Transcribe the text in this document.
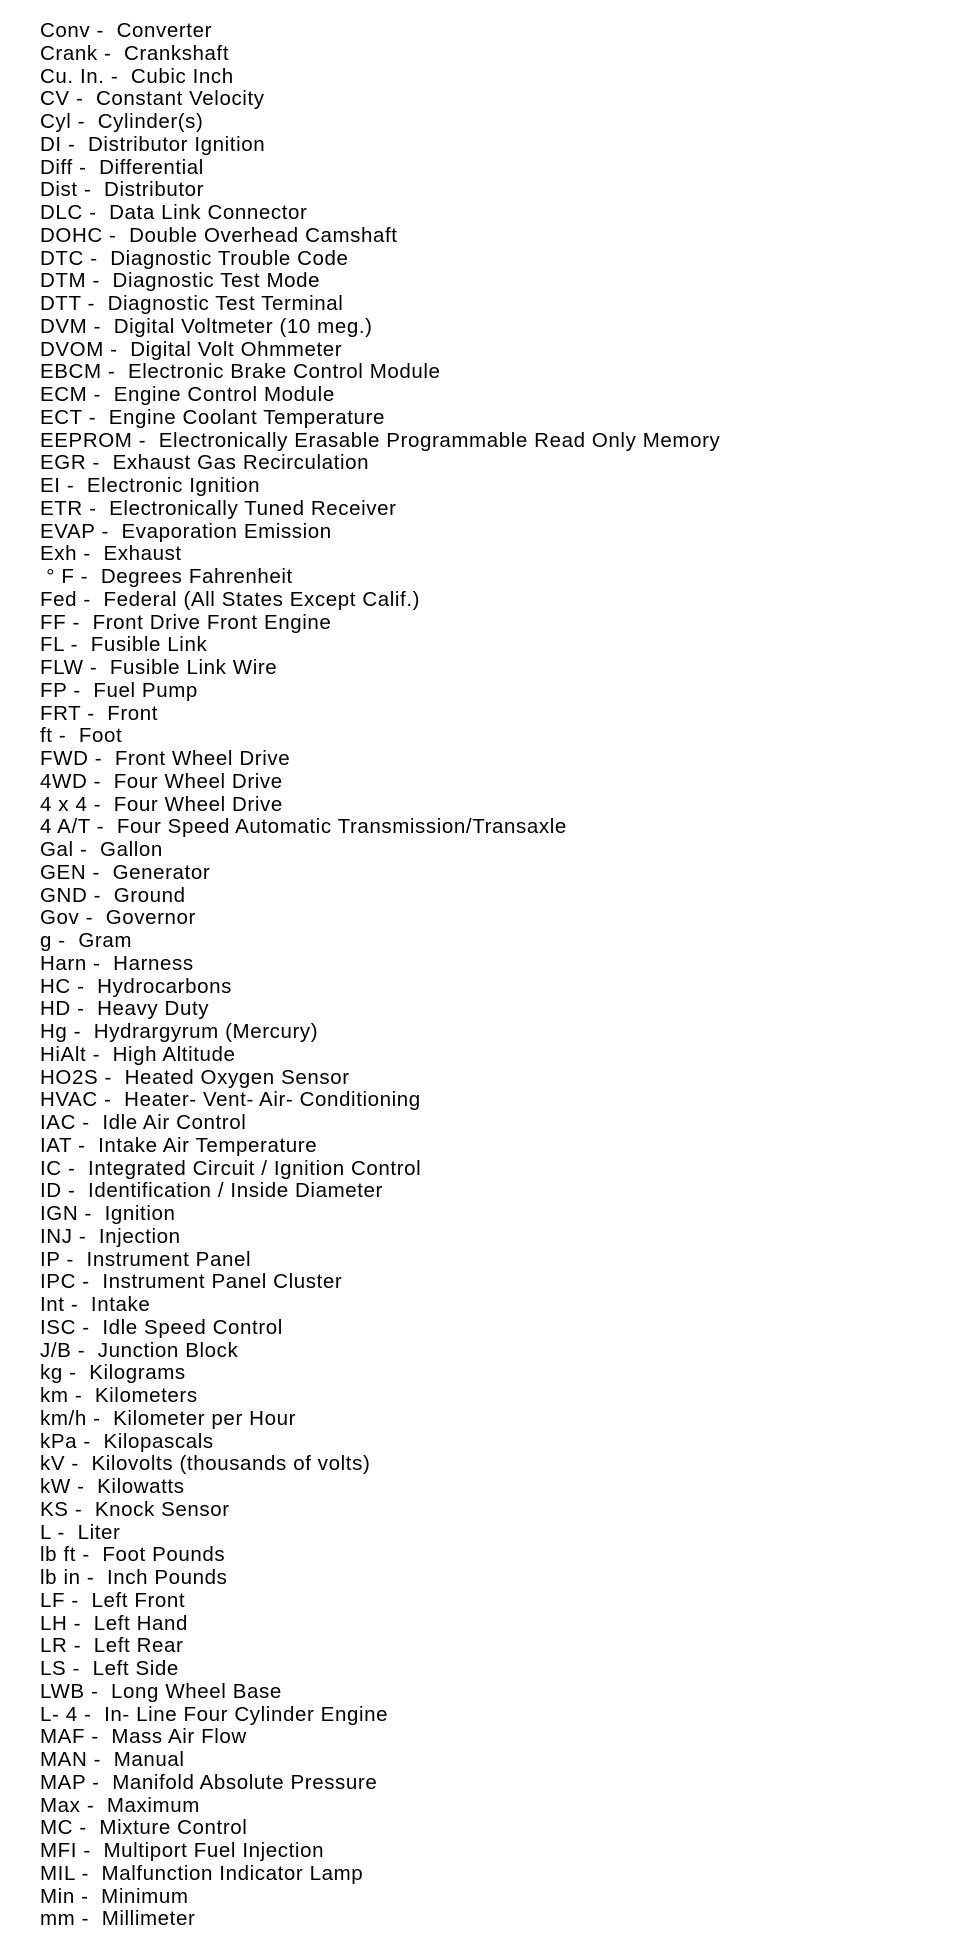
Conv -  Converter
Crank -  Crankshaft
Cu. In. -  Cubic Inch
CV -  Constant Velocity
Cyl -  Cylinder(s)
DI -  Distributor Ignition
Diff -  Differential
Dist -  Distributor
DLC -  Data Link Connector
DOHC -  Double Overhead Camshaft
DTC -  Diagnostic Trouble Code
DTM -  Diagnostic Test Mode
DTT -  Diagnostic Test Terminal
DVM -  Digital Voltmeter (10 meg.)
DVOM -  Digital Volt Ohmmeter
EBCM -  Electronic Brake Control Module
ECM -  Engine Control Module
ECT -  Engine Coolant Temperature
EEPROM -  Electronically Erasable Programmable Read Only Memory
EGR -  Exhaust Gas Recirculation
EI -  Electronic Ignition
ETR -  Electronically Tuned Receiver
EVAP -  Evaporation Emission
Exh -  Exhaust
° F -  Degrees Fahrenheit
Fed -  Federal (All States Except Calif.)
FF -  Front Drive Front Engine
FL -  Fusible Link
FLW -  Fusible Link Wire
FP -  Fuel Pump
FRT -  Front
ft -  Foot
FWD -  Front Wheel Drive
4WD -  Four Wheel Drive
4 x 4 -  Four Wheel Drive
4 A/T -  Four Speed Automatic Transmission/Transaxle
Gal -  Gallon
GEN -  Generator
GND -  Ground
Gov -  Governor
g -  Gram
Harn -  Harness
HC -  Hydrocarbons
HD -  Heavy Duty
Hg -  Hydrargyrum (Mercury)
HiAlt -  High Altitude
HO2S -  Heated Oxygen Sensor
HVAC -  Heater- Vent- Air- Conditioning
IAC -  Idle Air Control
IAT -  Intake Air Temperature
IC -  Integrated Circuit / Ignition Control
ID -  Identification / Inside Diameter
IGN -  Ignition
INJ -  Injection
IP -  Instrument Panel
IPC -  Instrument Panel Cluster
Int -  Intake
ISC -  Idle Speed Control
J/B -  Junction Block
kg -  Kilograms
km -  Kilometers
km/h -  Kilometer per Hour
kPa -  Kilopascals
kV -  Kilovolts (thousands of volts)
kW -  Kilowatts
KS -  Knock Sensor
L -  Liter
lb ft -  Foot Pounds
lb in -  Inch Pounds
LF -  Left Front
LH -  Left Hand
LR -  Left Rear
LS -  Left Side
LWB -  Long Wheel Base
L- 4 -  In- Line Four Cylinder Engine
MAF -  Mass Air Flow
MAN -  Manual
MAP -  Manifold Absolute Pressure
Max -  Maximum
MC -  Mixture Control
MFI -  Multiport Fuel Injection
MIL -  Malfunction Indicator Lamp
Min -  Minimum
mm -  Millimeter
